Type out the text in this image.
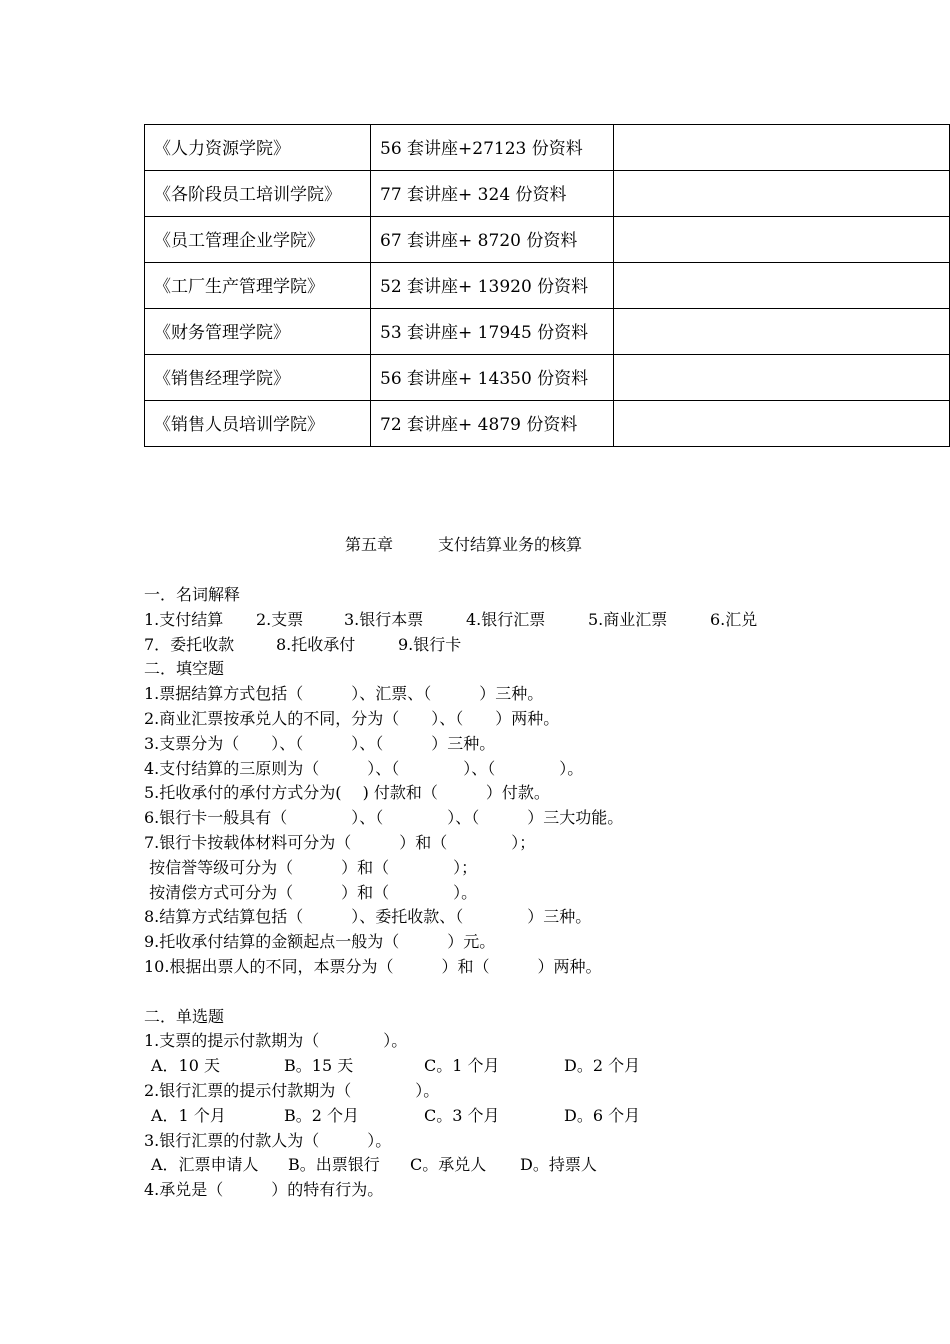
《人力资源学院》	56 套讲座+27123 份资料	
《各阶段员工培训学院》	77 套讲座+ 324 份资料	
《员工管理企业学院》	67 套讲座+ 8720 份资料	
《工厂生产管理学院》	52 套讲座+ 13920 份资料	
《财务管理学院》	53 套讲座+ 17945 份资料	
《销售经理学院》	56 套讲座+ 14350 份资料	
《销售人员培训学院》	72 套讲座+ 4879 份资料	
第五章	支付结算业务的核算
一．名词解释

1.支付结算

2.支票

	3.银行本票

	4.银行汇票

	5.商业汇票

	6.汇兑

7．委托收款

	8.托收承付

	9.银行卡

二．填空题
1.票据结算方式包括（　　　）、汇票、（　　　）三种。
2.商业汇票按承兑人的不同，分为（　　）、（　　）两种。
3.支票分为（　　）、（　　　）、（　　　）三种。
4.支付结算的三原则为（　　　）、（　　　　）、（　　　　）。
5.托收承付的承付方式分为(　 ) 付款和（　　　）付款。
6.银行卡一般具有（　　　　）、（　　　　）、（　　　）三大功能。
7.银行卡按载体材料可分为（　　　）和（　　　　）；
按信誉等级可分为（　　　）和（　　　　）；
按清偿方式可分为（　　　）和（　　　　）。
8.结算方式结算包括（　　　）、委托收款、（　　　　）三种。
9.托收承付结算的金额起点一般为（　　　）元。
10.根据出票人的不同，本票分为（　　　）和（　　　）两种。
二．单选题
1.支票的提示付款期为（　　　　）。

A．10 天

	B。15 天

	C。1 个月

	D。2 个月

2.银行汇票的提示付款期为（　　　　）。

A．1 个月

	B。2 个月

	C。3 个月

	D。6 个月

3.银行汇票的付款人为（　　　）。

A．汇票申请人

B。出票银行

C。承兑人

D。持票人

4.承兑是（　　　）的特有行为。
